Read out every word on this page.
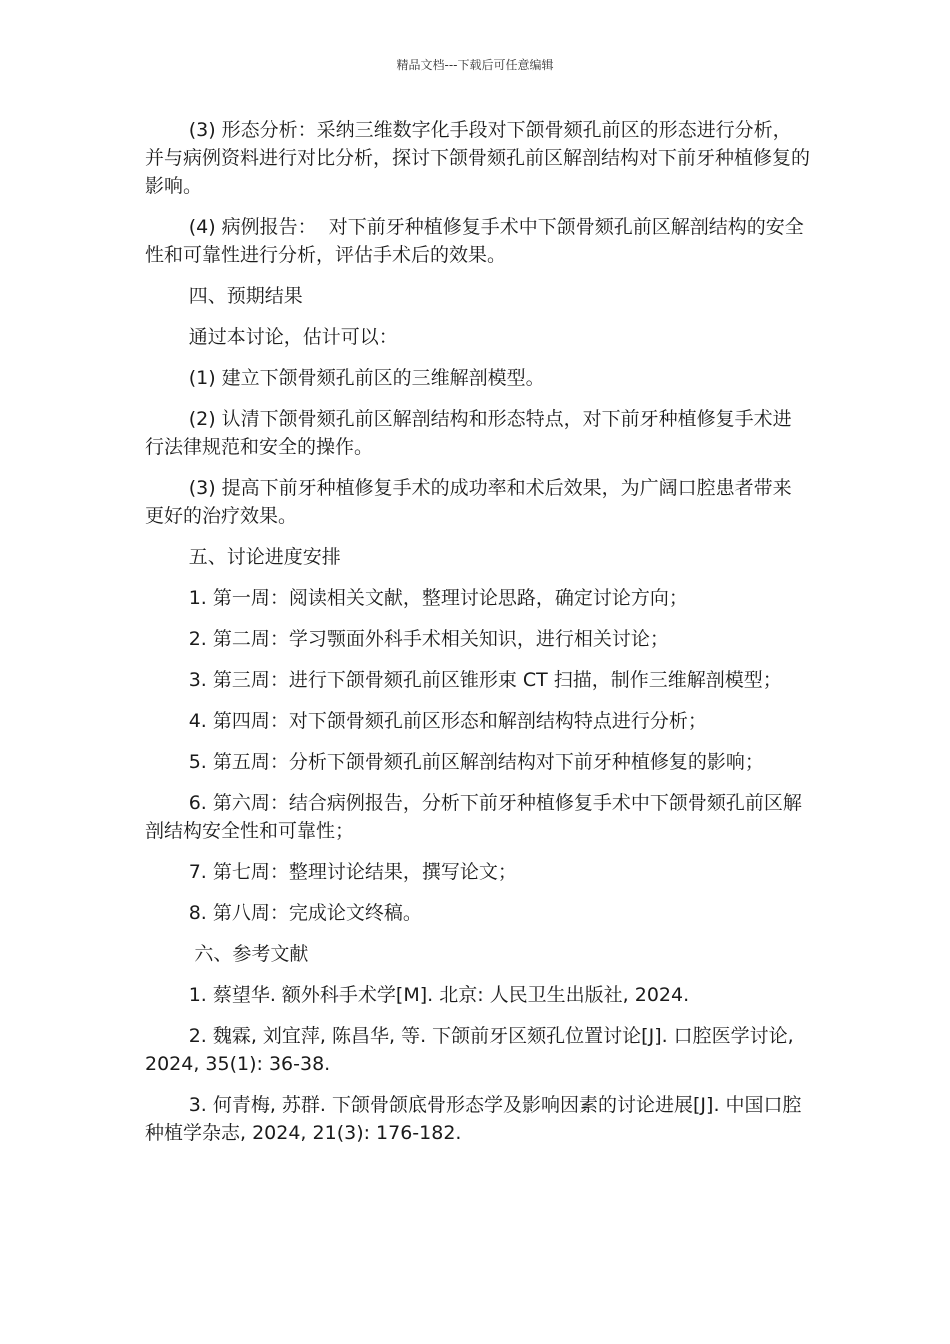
精品文档---下载后可任意编辑

(3) 形态分析：采纳三维数字化手段对下颌骨颏孔前区的形态进行分析，并与病例资料进行对比分析，探讨下颌骨颏孔前区解剖结构对下前牙种植修复的影响。

(4) 病例报告：  对下前牙种植修复手术中下颌骨颏孔前区解剖结构的安全性和可靠性进行分析，评估手术后的效果。

四、预期结果

通过本讨论，估计可以：

(1) 建立下颌骨颏孔前区的三维解剖模型。

(2) 认清下颌骨颏孔前区解剖结构和形态特点，对下前牙种植修复手术进行法律规范和安全的操作。

(3) 提高下前牙种植修复手术的成功率和术后效果，为广阔口腔患者带来更好的治疗效果。

五、讨论进度安排

1. 第一周：阅读相关文献，整理讨论思路，确定讨论方向；

2. 第二周：学习颚面外科手术相关知识，进行相关讨论；

3. 第三周：进行下颌骨颏孔前区锥形束 CT 扫描，制作三维解剖模型；

4. 第四周：对下颌骨颏孔前区形态和解剖结构特点进行分析；

5. 第五周：分析下颌骨颏孔前区解剖结构对下前牙种植修复的影响；

6. 第六周：结合病例报告，分析下前牙种植修复手术中下颌骨颏孔前区解剖结构安全性和可靠性；

7. 第七周：整理讨论结果，撰写论文；

8. 第八周：完成论文终稿。

六、参考文献

1. 蔡望华. 额外科手术学[M]. 北京: 人民卫生出版社, 2024.

2. 魏霖, 刘宜萍, 陈昌华, 等. 下颌前牙区颏孔位置讨论[J]. 口腔医学讨论, 2024, 35(1): 36-38.

3. 何青梅, 苏群. 下颌骨颌底骨形态学及影响因素的讨论进展[J]. 中国口腔种植学杂志, 2024, 21(3): 176-182.
